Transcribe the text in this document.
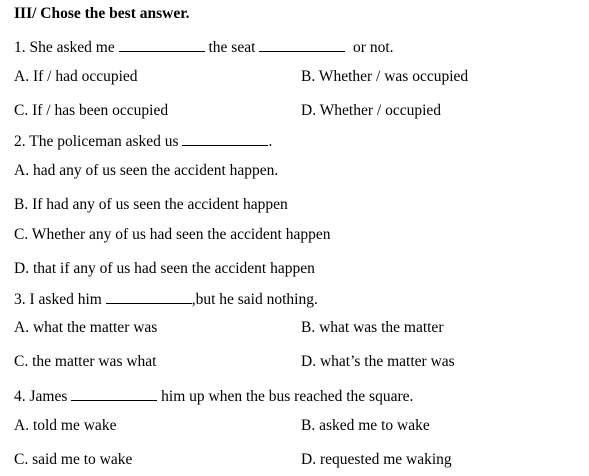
III/ Chose the best answer.
1. She asked me	the seat	or not.
A. If / had occupied	B. Whether / was occupied
C. If / has been occupied	D. Whether / occupied
2. The policeman asked us	.
A. had any of us seen the accident happen.
B. If had any of us seen the accident happen
C. Whether any of us had seen the accident happen
D. that if any of us had seen the accident happen
3. I asked him	,but he said nothing.
A. what the matter was	B. what was the matter
C. the matter was what	D. what’s the matter was
4. James	him up when the bus reached the square.
A. told me wake	B. asked me to wake
C. said me to wake	D. requested me waking
